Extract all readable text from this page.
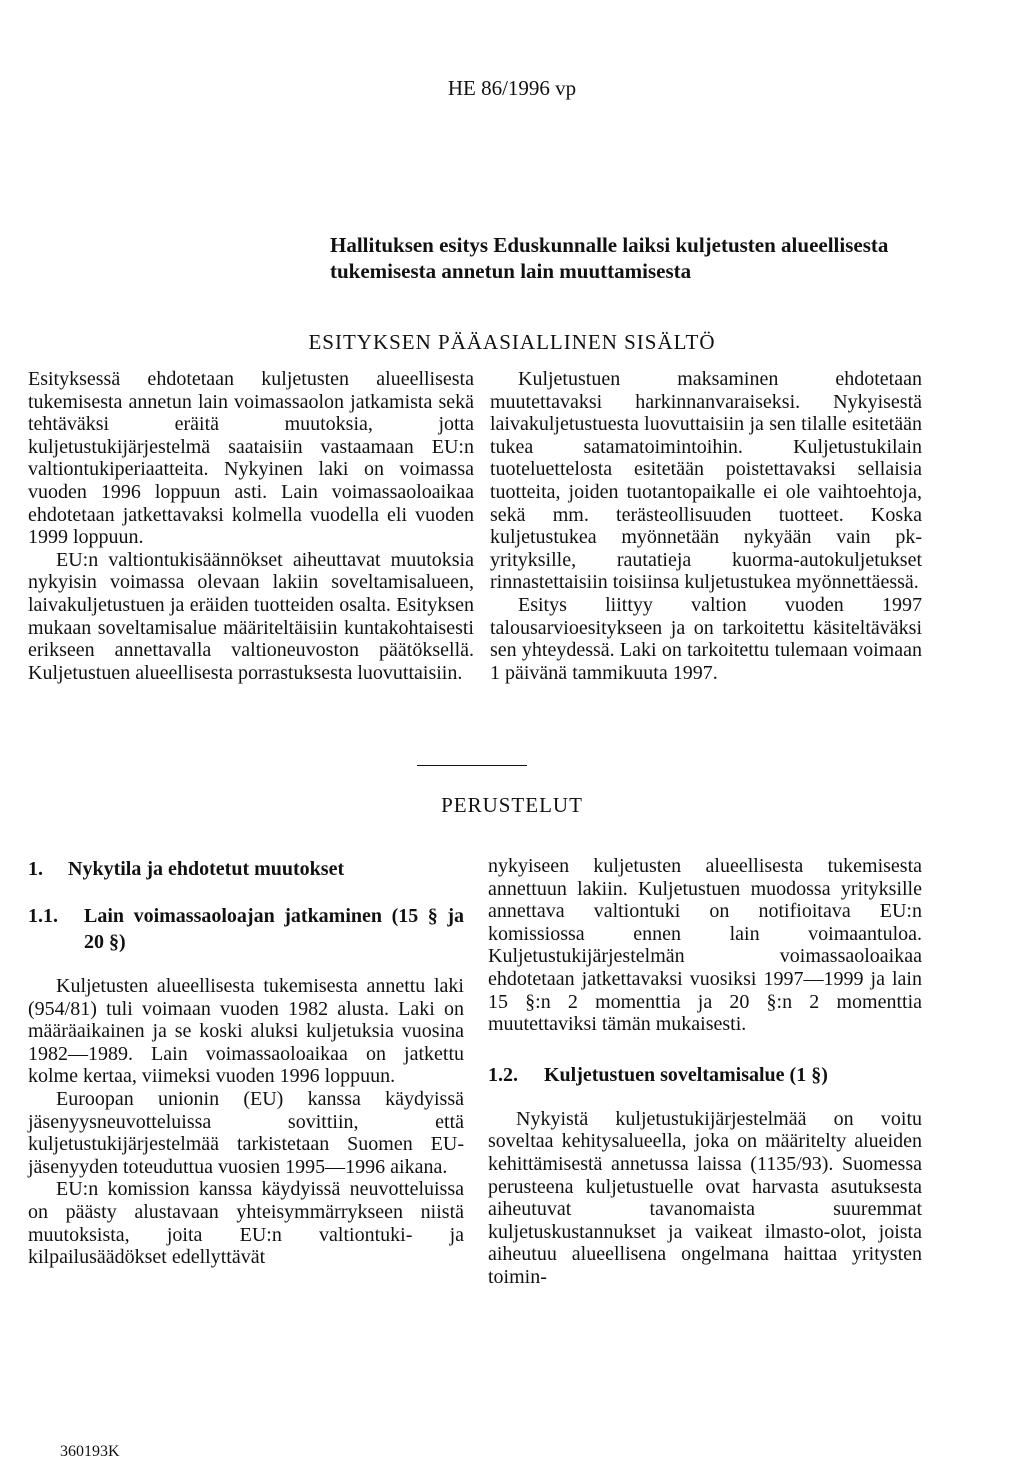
HE 86/1996 vp
Hallituksen esitys Eduskunnalle laiksi kuljetusten alueellisesta tukemisesta annetun lain muuttamisesta
ESITYKSEN PÄÄASIALLINEN SISÄLTÖ

Esityksessä ehdotetaan kuljetusten alueellisesta tukemisesta annetun lain voimassaolon jatkamista sekä tehtäväksi eräitä muutoksia, jotta kuljetustukijärjestelmä saataisiin vastaamaan EU:n valtiontukiperiaatteita. Nykyinen laki on voimassa vuoden 1996 loppuun asti. Lain voimassaoloaikaa ehdotetaan jatkettavaksi kolmella vuodella eli vuoden 1999 loppuun.

EU:n valtiontukisäännökset aiheuttavat muutoksia nykyisin voimassa olevaan lakiin soveltamisalueen, laivakuljetustuen ja eräiden tuotteiden osalta. Esityksen mukaan soveltamisalue määriteltäisiin kuntakohtaisesti erikseen annettavalla valtioneuvoston päätöksellä. Kuljetustuen alueellisesta porrastuksesta luovuttaisiin.

Kuljetustuen maksaminen ehdotetaan muutettavaksi harkinnanvaraiseksi. Nykyisestä laivakuljetustuesta luovuttaisiin ja sen tilalle esitetään tukea satamatoimintoihin. Kuljetustukilain tuoteluettelosta esitetään poistettavaksi sellaisia tuotteita, joiden tuotantopaikalle ei ole vaihtoehtoja, sekä mm. terästeollisuuden tuotteet. Koska kuljetustukea myönnetään nykyään vain pk-yrityksille, rautatieja kuorma-autokuljetukset rinnastettaisiin toisiinsa kuljetustukea myönnettäessä.

Esitys liittyy valtion vuoden 1997 talousarvioesitykseen ja on tarkoitettu käsiteltäväksi sen yhteydessä. Laki on tarkoitettu tulemaan voimaan 1 päivänä tammikuuta 1997.

PERUSTELUT
1. Nykytila ja ehdotetut muutokset
1.1.	Lain voimassaoloajan jatkaminen (15 § ja 20 §)

Kuljetusten alueellisesta tukemisesta annettu laki (954/81) tuli voimaan vuoden 1982 alusta. Laki on määräaikainen ja se koski aluksi kuljetuksia vuosina 1982—1989. Lain voimassaoloaikaa on jatkettu kolme kertaa, viimeksi vuoden 1996 loppuun.

Euroopan unionin (EU) kanssa käydyissä jäsenyysneuvotteluissa sovittiin, että kuljetustukijärjestelmää tarkistetaan Suomen EU-jäsenyyden toteuduttua vuosien 1995—1996 aikana.

EU:n komission kanssa käydyissä neuvotteluissa on päästy alustavaan yhteisymmärrykseen niistä muutoksista, joita EU:n valtiontuki- ja kilpailusäädökset edellyttävät

nykyiseen kuljetusten alueellisesta tukemisesta annettuun lakiin. Kuljetustuen muodossa yrityksille annettava valtiontuki on notifioitava EU:n komissiossa ennen lain voimaantuloa. Kuljetustukijärjestelmän voimassaoloaikaa ehdotetaan jatkettavaksi vuosiksi 1997—1999 ja lain 15 §:n 2 momenttia ja 20 §:n 2 momenttia muutettaviksi tämän mukaisesti.

1.2.	Kuljetustuen soveltamisalue (1 §)

Nykyistä kuljetustukijärjestelmää on voitu soveltaa kehitysalueella, joka on määritelty alueiden kehittämisestä annetussa laissa (1135/93). Suomessa perusteena kuljetustuelle ovat harvasta asutuksesta aiheutuvat tavanomaista suuremmat kuljetuskustannukset ja vaikeat ilmasto-olot, joista aiheutuu alueellisena ongelmana haittaa yritysten toimin-

360193K
